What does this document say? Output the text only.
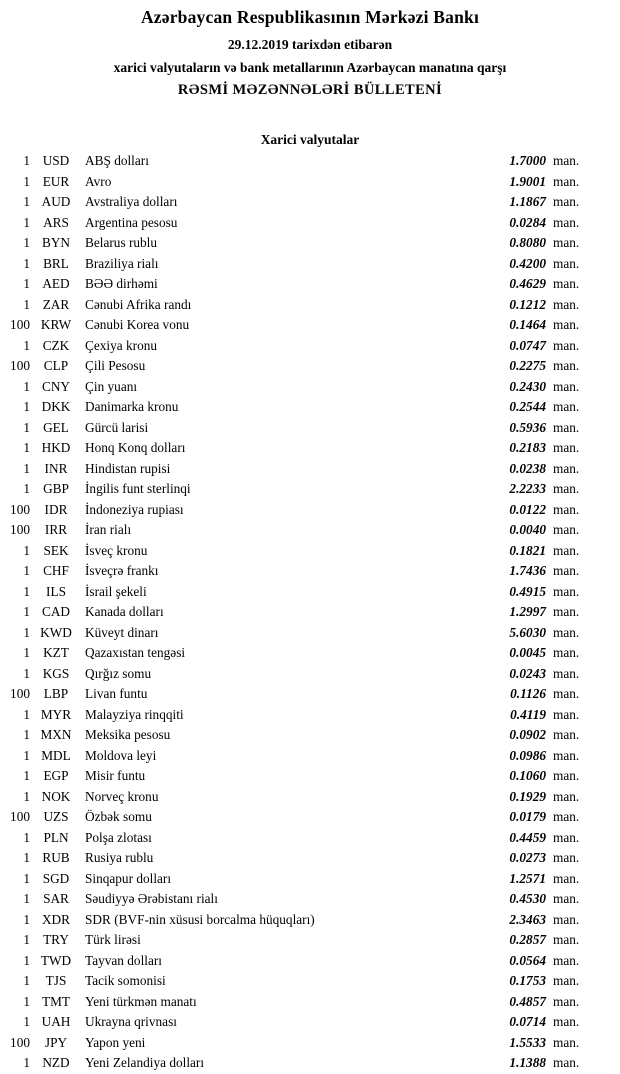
Azərbaycan Respublikasının Mərkəzi Bankı
29.12.2019 tarixdən etibarən
xarici valyutaların və bank metallarının Azərbaycan manatına qarşı
RƏSMİ MƏZƏNNƏLƏRİ BÜLLETENİ
Xarici valyutalar
1 USD	ABŞ dolları	1.7000 man.
1 EUR	Avro	1.9001 man.
1 AUD	Avstraliya dolları	1.1867 man.
1 ARS	Argentina pesosu	0.0284 man.
1 BYN	Belarus rublu	0.8080 man.
1 BRL	Braziliya rialı	0.4200 man.
1 AED	BƏƏ dirhəmi	0.4629 man.
1 ZAR	Cənubi Afrika randı	0.1212 man.
100 KRW	Cənubi Korea vonu	0.1464 man.
1 CZK	Çexiya kronu	0.0747 man.
100	CLP	Çili Pesosu	0.2275 man.
1 CNY	Çin yuanı	0.2430 man.
1 DKK	Danimarka kronu	0.2544 man.
1 GEL	Gürcü larisi	0.5936 man.
1 HKD	Honq Konq dolları	0.2183 man.
1	INR	Hindistan rupisi	0.0238 man.
1 GBP	İngilis funt sterlinqi	2.2233 man.
100	IDR	İndoneziya rupiası	0.0122 man.
100	IRR	İran rialı	0.0040 man.
1	SEK	İsveç kronu	0.1821 man.
1 CHF	İsveçrə frankı	1.7436 man.
1	ILS	İsrail şekeli	0.4915 man.
1 CAD	Kanada dolları	1.2997 man.
1 KWD Küveyt dinarı	5.6030 man.
1 KZT	Qazaxıstan tengəsi	0.0045 man.
1 KGS	Qırğız somu	0.0243 man.
100	LBP	Livan funtu	0.1126 man.
1 MYR	Malayziya rinqqiti	0.4119 man.
1 MXN	Meksika pesosu	0.0902 man.
1 MDL	Moldova leyi	0.0986 man.
1	EGP	Misir funtu	0.1060 man.
1 NOK	Norveç kronu	0.1929 man.
100	UZS	Özbək somu	0.0179 man.
1	PLN	Polşa zlotası	0.4459 man.
1 RUB	Rusiya rublu	0.0273 man.
1 SGD	Sinqapur dolları	1.2571 man.
1 SAR	Səudiyyə Ərəbistanı rialı	0.4530 man.
1 XDR	SDR (BVF-nin xüsusi borcalma hüquqları)	2.3463 man.
1 TRY	Türk lirəsi	0.2857 man.
1 TWD	Tayvan dolları	0.0564 man.
1	TJS	Tacik somonisi	0.1753 man.
1 TMT	Yeni türkmən manatı	0.4857 man.
1 UAH	Ukrayna qrivnası	0.0714 man.
100	JPY	Yapon yeni	1.5533 man.
1 NZD	Yeni Zelandiya dolları	1.1388 man.
